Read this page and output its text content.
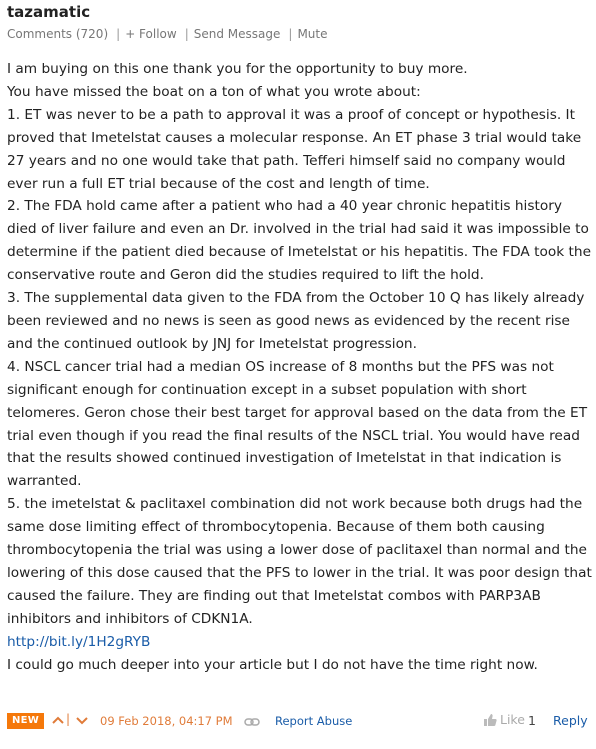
tazamatic
Comments (720) | + Follow | Send Message | Mute

I am buying on this one thank you for the opportunity to buy more.

You have missed the boat on a ton of what you wrote about:

1. ET was never to be a path to approval it was a proof of concept or hypothesis. It proved that Imetelstat causes a molecular response. An ET phase 3 trial would take 27 years and no one would take that path. Tefferi himself said no company would ever run a full ET trial because of the cost and length of time.

2. The FDA hold came after a patient who had a 40 year chronic hepatitis history died of liver failure and even an Dr. involved in the trial had said it was impossible to determine if the patient died because of Imetelstat or his hepatitis. The FDA took the conservative route and Geron did the studies required to lift the hold.

3. The supplemental data given to the FDA from the October 10 Q has likely already been reviewed and no news is seen as good news as evidenced by the recent rise and the continued outlook by JNJ for Imetelstat progression.

4. NSCL cancer trial had a median OS increase of 8 months but the PFS was not significant enough for continuation except in a subset population with short telomeres. Geron chose their best target for approval based on the data from the ET trial even though if you read the final results of the NSCL trial. You would have read that the results showed continued investigation of Imetelstat in that indication is warranted.

5. the imetelstat & paclitaxel combination did not work because both drugs had the same dose limiting effect of thrombocytopenia. Because of them both causing thrombocytopenia the trial was using a lower dose of paclitaxel than normal and the lowering of this dose caused that the PFS to lower in the trial. It was poor design that caused the failure. They are finding out that Imetelstat combos with PARP3AB inhibitors and inhibitors of CDKN1A.

http://bit.ly/1H2gRYB

I could go much deeper into your article but I do not have the time right now.

NEW	|	09 Feb 2018, 04:17 PM	Report Abuse	Like 1 Reply
